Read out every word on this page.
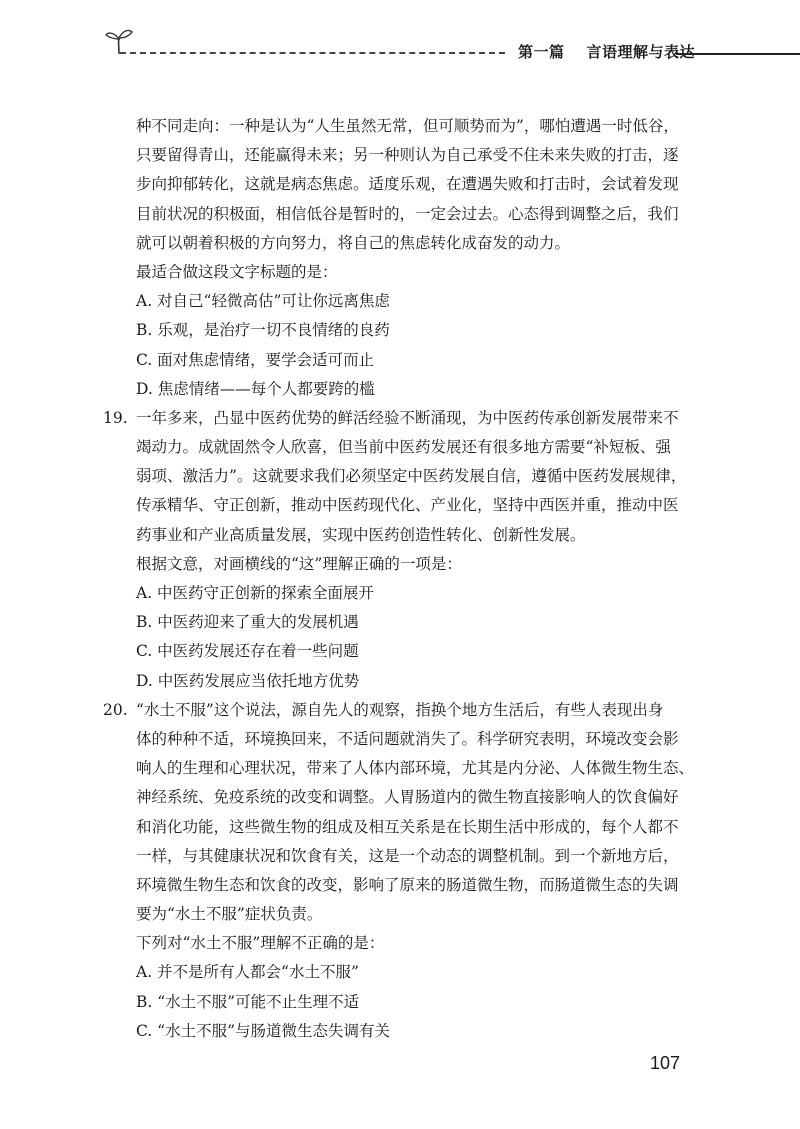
第一篇 言语理解与表达
种不同走向：一种是认为“人生虽然无常，但可顺势而为”，哪怕遭遇一时低谷，
只要留得青山，还能赢得未来；另一种则认为自己承受不住未来失败的打击，逐
步向抑郁转化，这就是病态焦虑。适度乐观，在遭遇失败和打击时，会试着发现
目前状况的积极面，相信低谷是暂时的，一定会过去。心态得到调整之后，我们
就可以朝着积极的方向努力，将自己的焦虑转化成奋发的动力。
最适合做这段文字标题的是：
A. 对自己“轻微高估”可让你远离焦虑
B. 乐观，是治疗一切不良情绪的良药
C. 面对焦虑情绪，要学会适可而止
D. 焦虑情绪——每个人都要跨的槛
19. 一年多来，凸显中医药优势的鲜活经验不断涌现，为中医药传承创新发展带来不
竭动力。成就固然令人欣喜，但当前中医药发展还有很多地方需要“补短板、强
弱项、激活力”。这就要求我们必须坚定中医药发展自信，遵循中医药发展规律，
传承精华、守正创新，推动中医药现代化、产业化，坚持中西医并重，推动中医
药事业和产业高质量发展，实现中医药创造性转化、创新性发展。
根据文意，对画横线的“这”理解正确的一项是：
A. 中医药守正创新的探索全面展开
B. 中医药迎来了重大的发展机遇
C. 中医药发展还存在着一些问题
D. 中医药发展应当依托地方优势
20. “水土不服”这个说法，源自先人的观察，指换个地方生活后，有些人表现出身
体的种种不适，环境换回来，不适问题就消失了。科学研究表明，环境改变会影
响人的生理和心理状况，带来了人体内部环境，尤其是内分泌、人体微生物生态、
神经系统、免疫系统的改变和调整。人胃肠道内的微生物直接影响人的饮食偏好
和消化功能，这些微生物的组成及相互关系是在长期生活中形成的，每个人都不
一样，与其健康状况和饮食有关，这是一个动态的调整机制。到一个新地方后，
环境微生物生态和饮食的改变，影响了原来的肠道微生物，而肠道微生态的失调
要为“水土不服”症状负责。
下列对“水土不服”理解不正确的是：
A. 并不是所有人都会“水土不服”
B. “水土不服”可能不止生理不适
C. “水土不服”与肠道微生态失调有关
107
